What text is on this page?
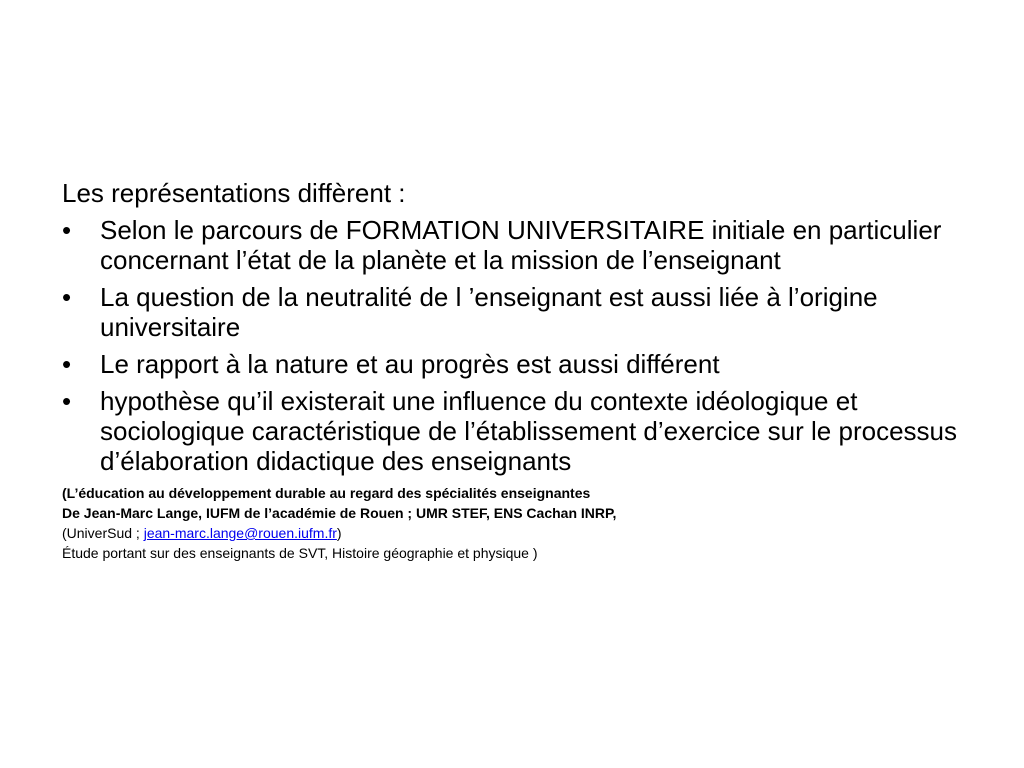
Les représentations diffèrent :

•	Selon le parcours de FORMATION UNIVERSITAIRE initiale en particulier concernant l’état de la planète et la mission de l’enseignant
•	La question de la neutralité de l ’enseignant est aussi liée à l’origine universitaire
•	Le rapport à la nature et au progrès est aussi différent
•	hypothèse qu’il existerait une influence du contexte idéologique et sociologique caractéristique de l’établissement d’exercice sur le processus d’élaboration didactique des enseignants
(L’éducation au développement durable au regard des spécialités enseignantes
De Jean-Marc Lange, IUFM de l’académie de Rouen ; UMR STEF, ENS Cachan INRP,
(UniverSud ; jean-marc.lange@rouen.iufm.fr)
Étude portant sur des enseignants de SVT, Histoire géographie et physique )
